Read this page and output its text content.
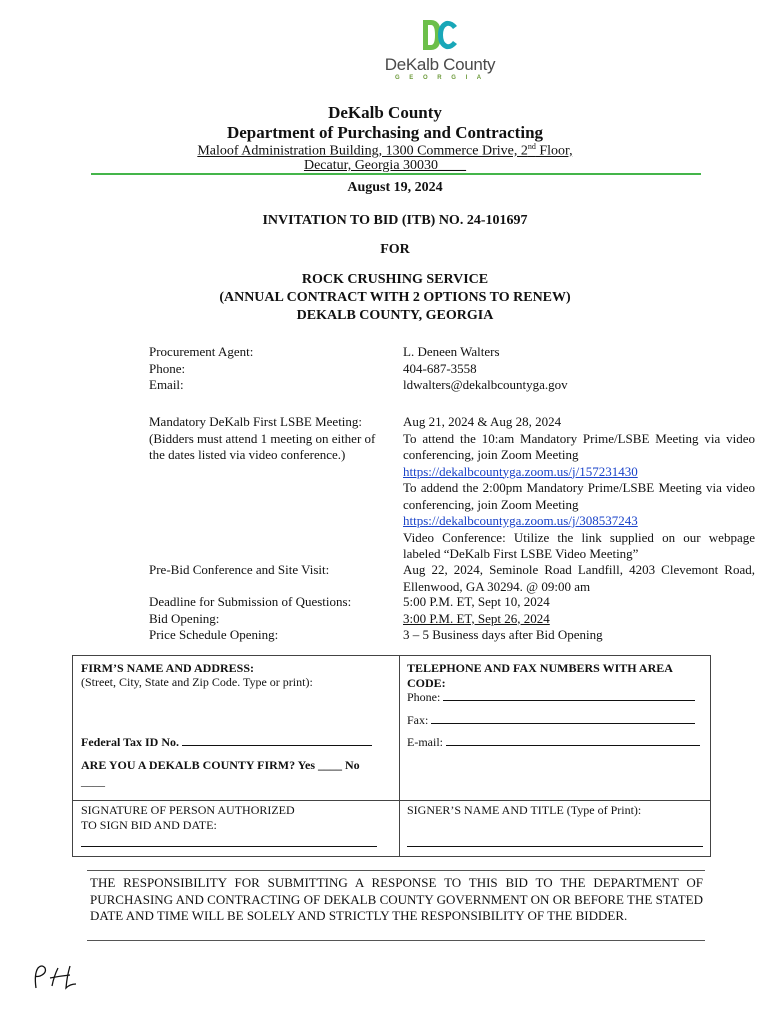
DeKalb County
G E O R G I A
DeKalb County
Department of Purchasing and Contracting
Maloof Administration Building, 1300 Commerce Drive, 2nd Floor,
Decatur, Georgia 30030____
August 19, 2024
INVITATION TO BID (ITB) NO. 24-101697
FOR
ROCK CRUSHING SERVICE
(ANNUAL CONTRACT WITH 2 OPTIONS TO RENEW)
DEKALB COUNTY, GEORGIA
Procurement Agent:
Phone:
Email:
L. Deneen Walters
404-687-3558
ldwalters@dekalbcountyga.gov
Mandatory DeKalb First LSBE Meeting:
(Bidders must attend 1 meeting on either of
the dates listed via video conference.)
Aug 21, 2024 & Aug 28, 2024
To attend the 10:am Mandatory Prime/LSBE Meeting via video conferencing, join Zoom Meeting
https://dekalbcountyga.zoom.us/j/157231430
To addend the 2:00pm Mandatory Prime/LSBE Meeting via video conferencing, join Zoom Meeting
https://dekalbcountyga.zoom.us/j/308537243
Video Conference: Utilize the link supplied on our webpage labeled “DeKalb First LSBE Video Meeting”
Pre-Bid Conference and Site Visit:	Aug 22, 2024, Seminole Road Landfill, 4203 Clevemont Road, Ellenwood, GA 30294. @ 09:00 am
Deadline for Submission of Questions:
Bid Opening:
Price Schedule Opening:
5:00 P.M. ET, Sept 10, 2024
3:00 P.M. ET, Sept 26, 2024
3 – 5 Business days after Bid Opening
FIRM’S NAME AND ADDRESS:
(Street, City, State and Zip Code. Type or print):
TELEPHONE AND FAX NUMBERS WITH AREA
CODE:
Phone:
Fax:
Federal Tax ID No.	E-mail:
ARE YOU A DEKALB COUNTY FIRM? Yes ____ No
____
SIGNATURE OF PERSON AUTHORIZED
TO SIGN BID AND DATE:
SIGNER’S NAME AND TITLE (Type of Print):
THE RESPONSIBILITY FOR SUBMITTING A RESPONSE TO THIS BID TO THE DEPARTMENT OF PURCHASING AND CONTRACTING OF DEKALB COUNTY GOVERNMENT ON OR BEFORE THE STATED DATE AND TIME WILL BE SOLELY AND STRICTLY THE RESPONSIBILITY OF THE BIDDER.
